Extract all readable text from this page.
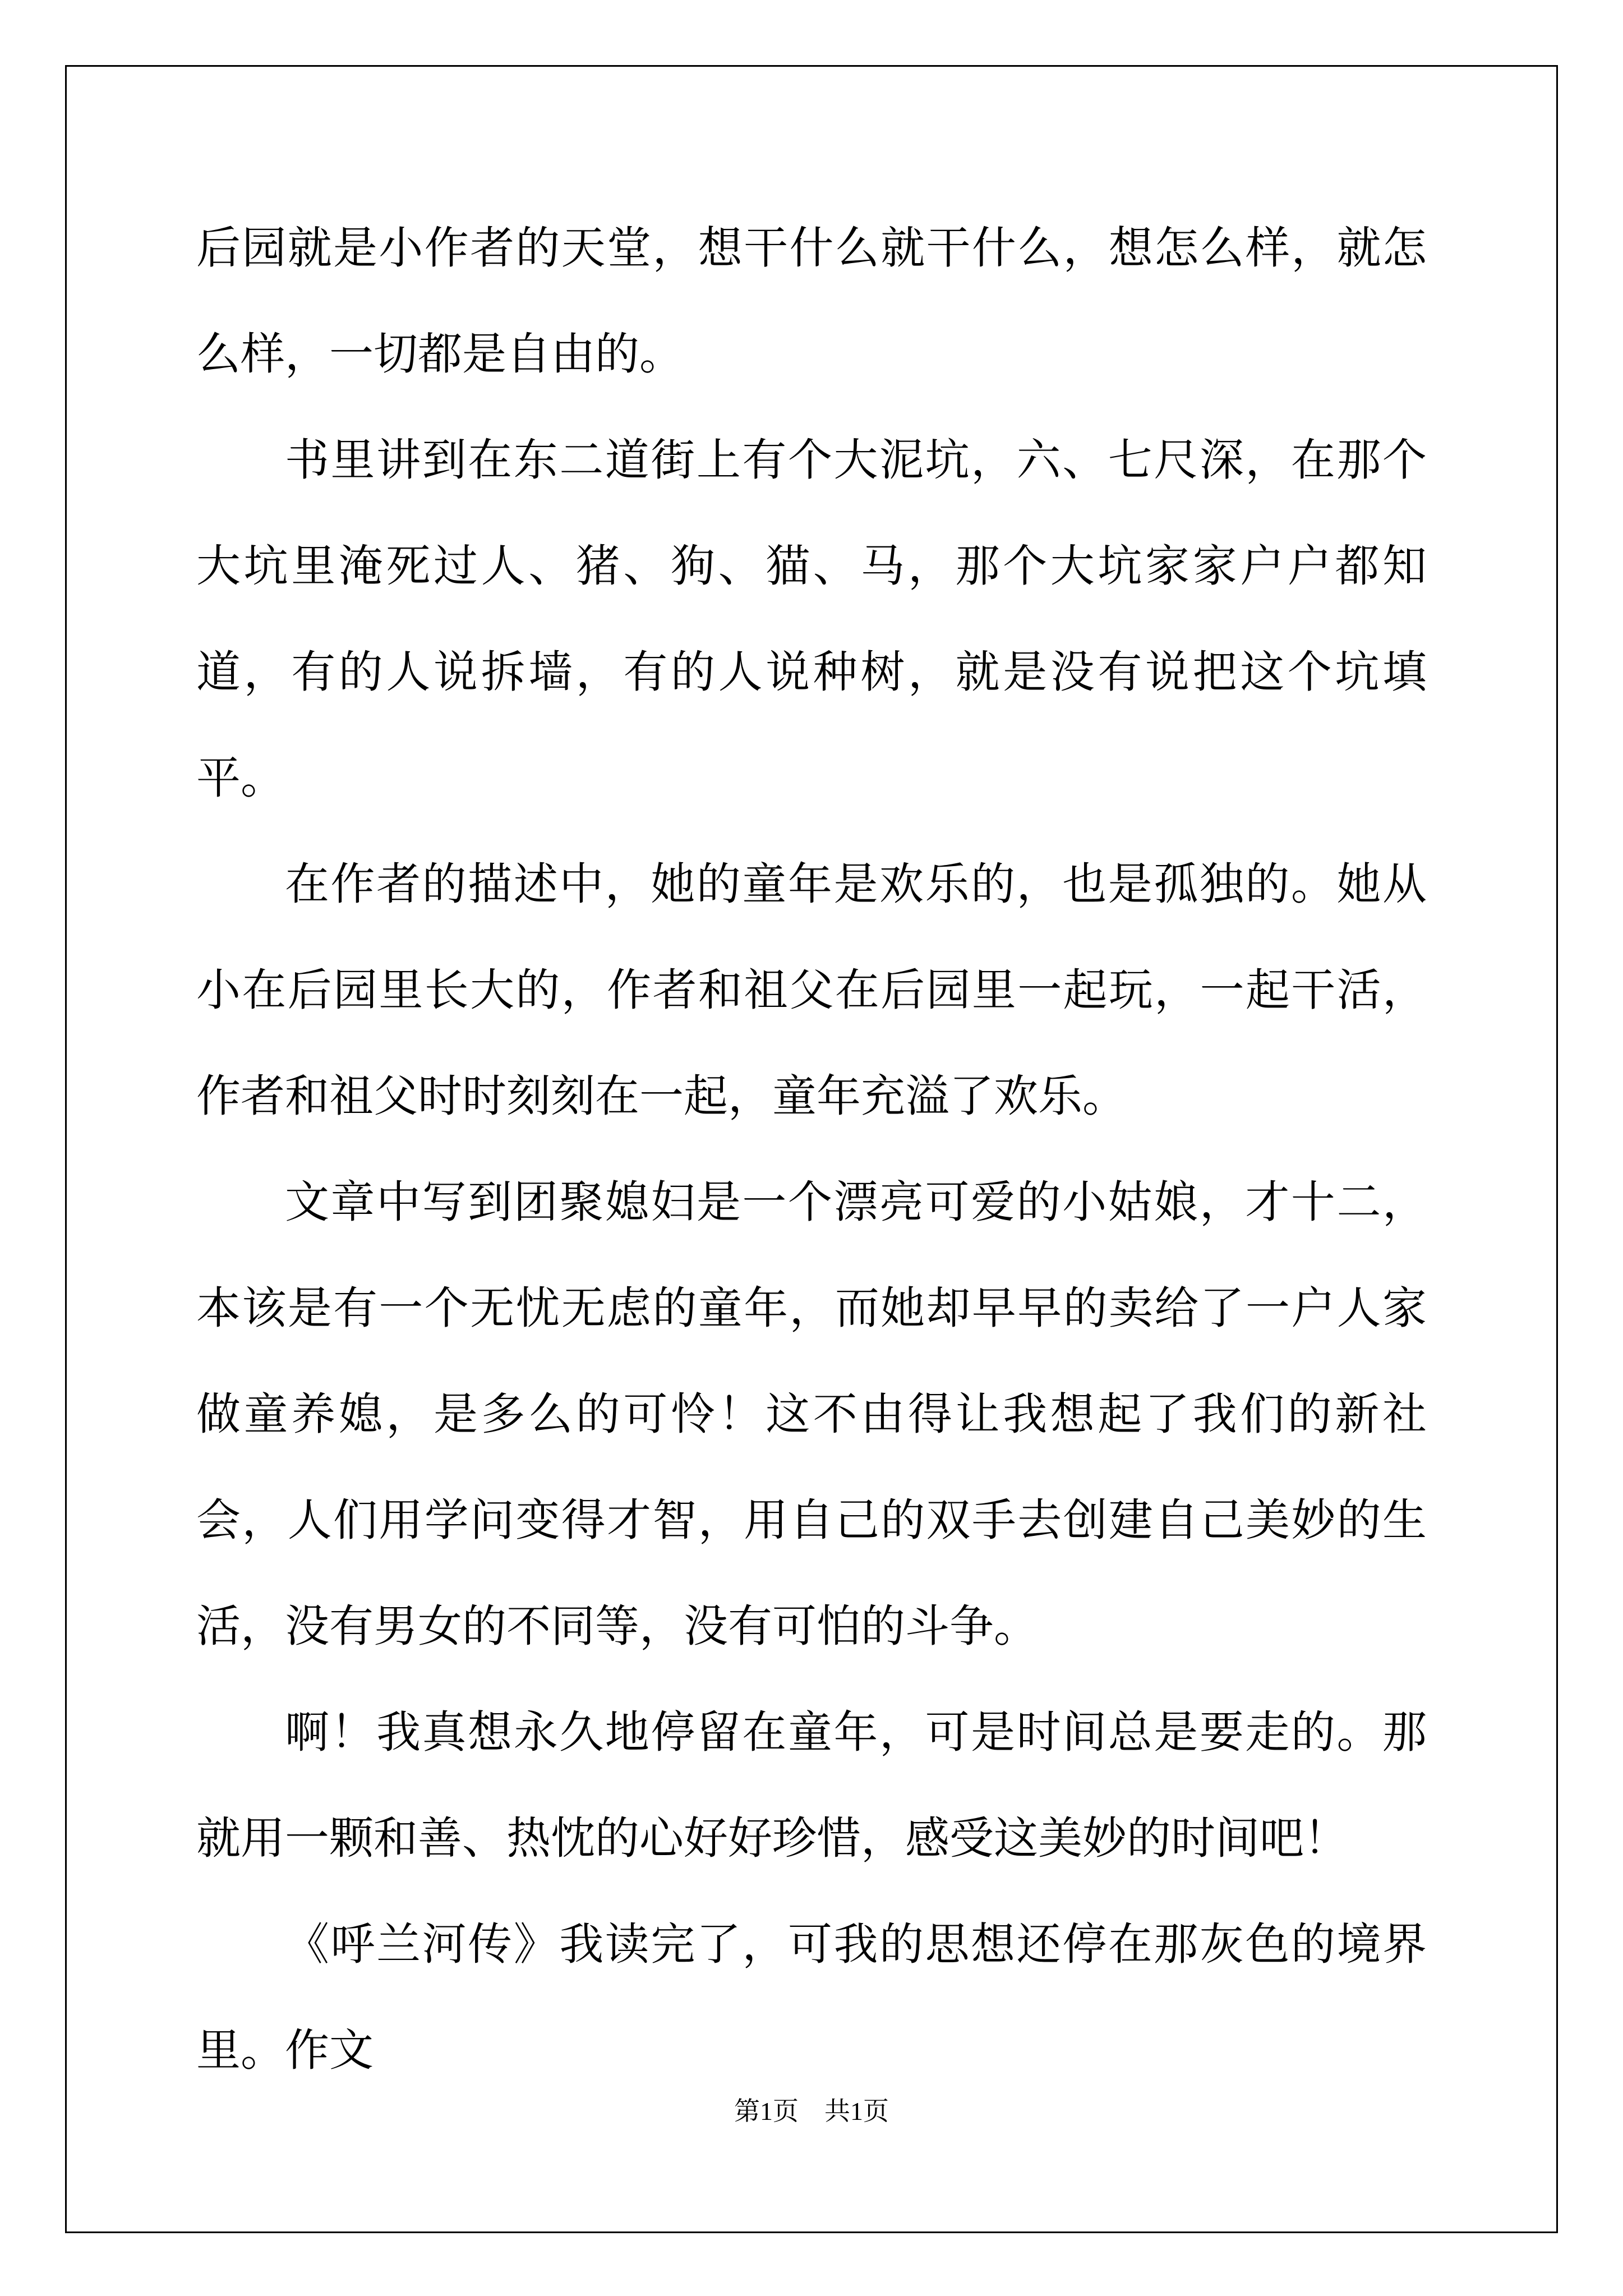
后园就是小作者的天堂，想干什么就干什么，想怎么样，就怎么样，一切都是自由的。

书里讲到在东二道街上有个大泥坑，六、七尺深，在那个大坑里淹死过人、猪、狗、猫、马，那个大坑家家户户都知道，有的人说拆墙，有的人说种树，就是没有说把这个坑填平。

在作者的描述中，她的童年是欢乐的，也是孤独的。她从小在后园里长大的，作者和祖父在后园里一起玩，一起干活，作者和祖父时时刻刻在一起，童年充溢了欢乐。

文章中写到团聚媳妇是一个漂亮可爱的小姑娘，才十二，本该是有一个无忧无虑的童年，而她却早早的卖给了一户人家做童养媳，是多么的可怜！这不由得让我想起了我们的新社会，人们用学问变得才智，用自己的双手去创建自己美妙的生活，没有男女的不同等，没有可怕的斗争。

啊！我真想永久地停留在童年，可是时间总是要走的。那就用一颗和善、热忱的心好好珍惜，感受这美妙的时间吧！

《呼兰河传》我读完了，可我的思想还停在那灰色的境界里。作文

第1页　共1页
